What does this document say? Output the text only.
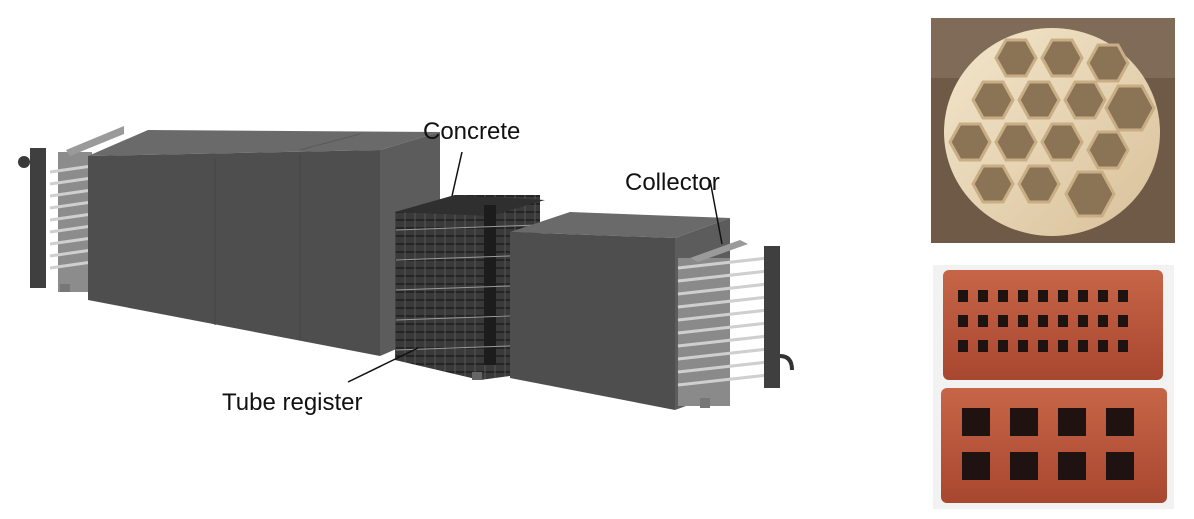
Concrete
Collector
Tube register
